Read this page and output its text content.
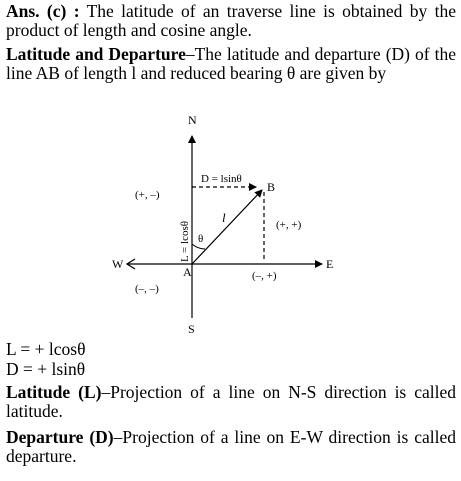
Ans. (c) : The latitude of an traverse line is obtained by the product of length and cosine angle.

Latitude and Departure–The latitude and departure (D) of the line AB of length l and reduced bearing θ are given by

N
S
E
W
A
B
l
θ
D = lsinθ
L = lcosθ
(+, –)
(+, +)
(–, –)
(–, +)
L = + lcosθ
D = + lsinθ

Latitude (L)–Projection of a line on N-S direction is called latitude.

Departure (D)–Projection of a line on E-W direction is called departure.
